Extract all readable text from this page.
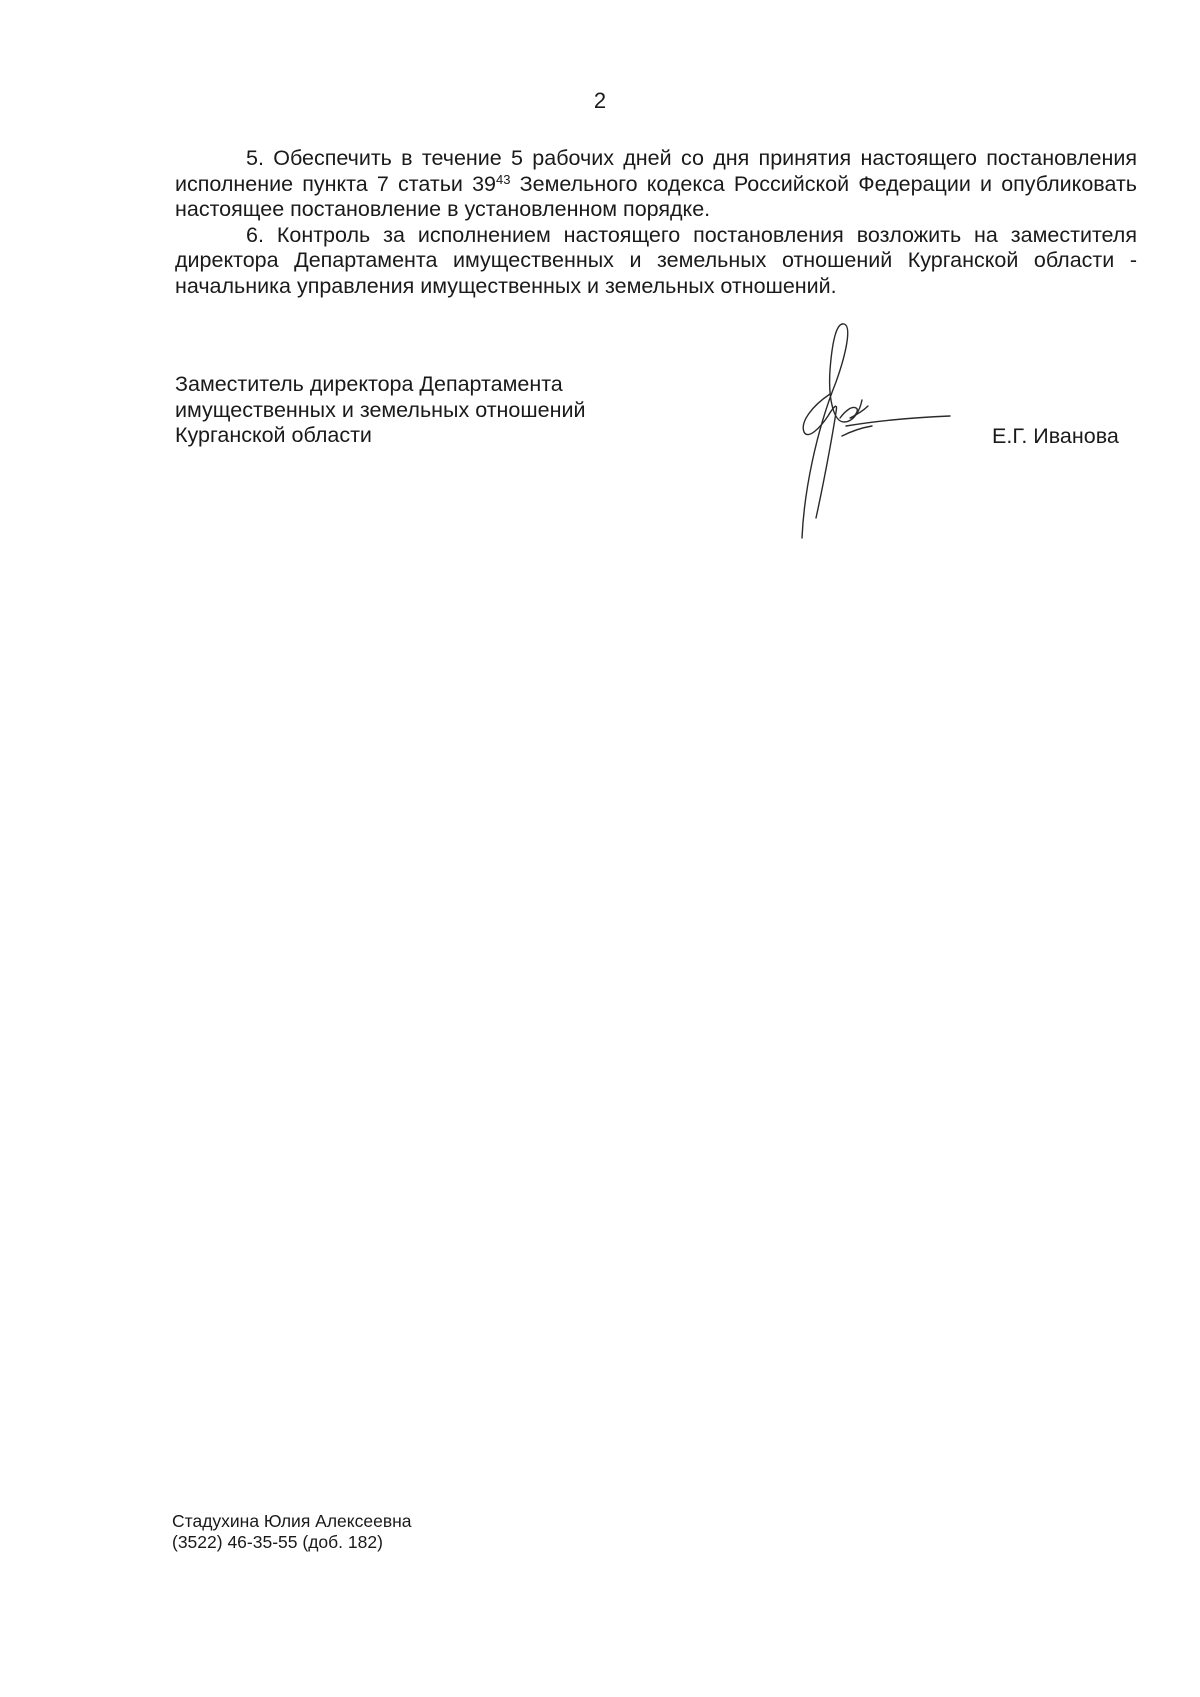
2

5. Обеспечить в течение 5 рабочих дней со дня принятия настоящего постановления исполнение пункта 7 статьи $39^{43}$ Земельного кодекса Российской Федерации и опубликовать настоящее постановление в установленном порядке.

6. Контроль за исполнением настоящего постановления возложить на заместителя директора Департамента имущественных и земельных отношений Курганской области - начальника управления имущественных и земельных отношений.

Заместитель директора Департамента
имущественных и земельных отношений
Курганской области	Е.Г. Иванова
Стадухина Юлия Алексеевна
(3522) 46-35-55 (доб. 182)
